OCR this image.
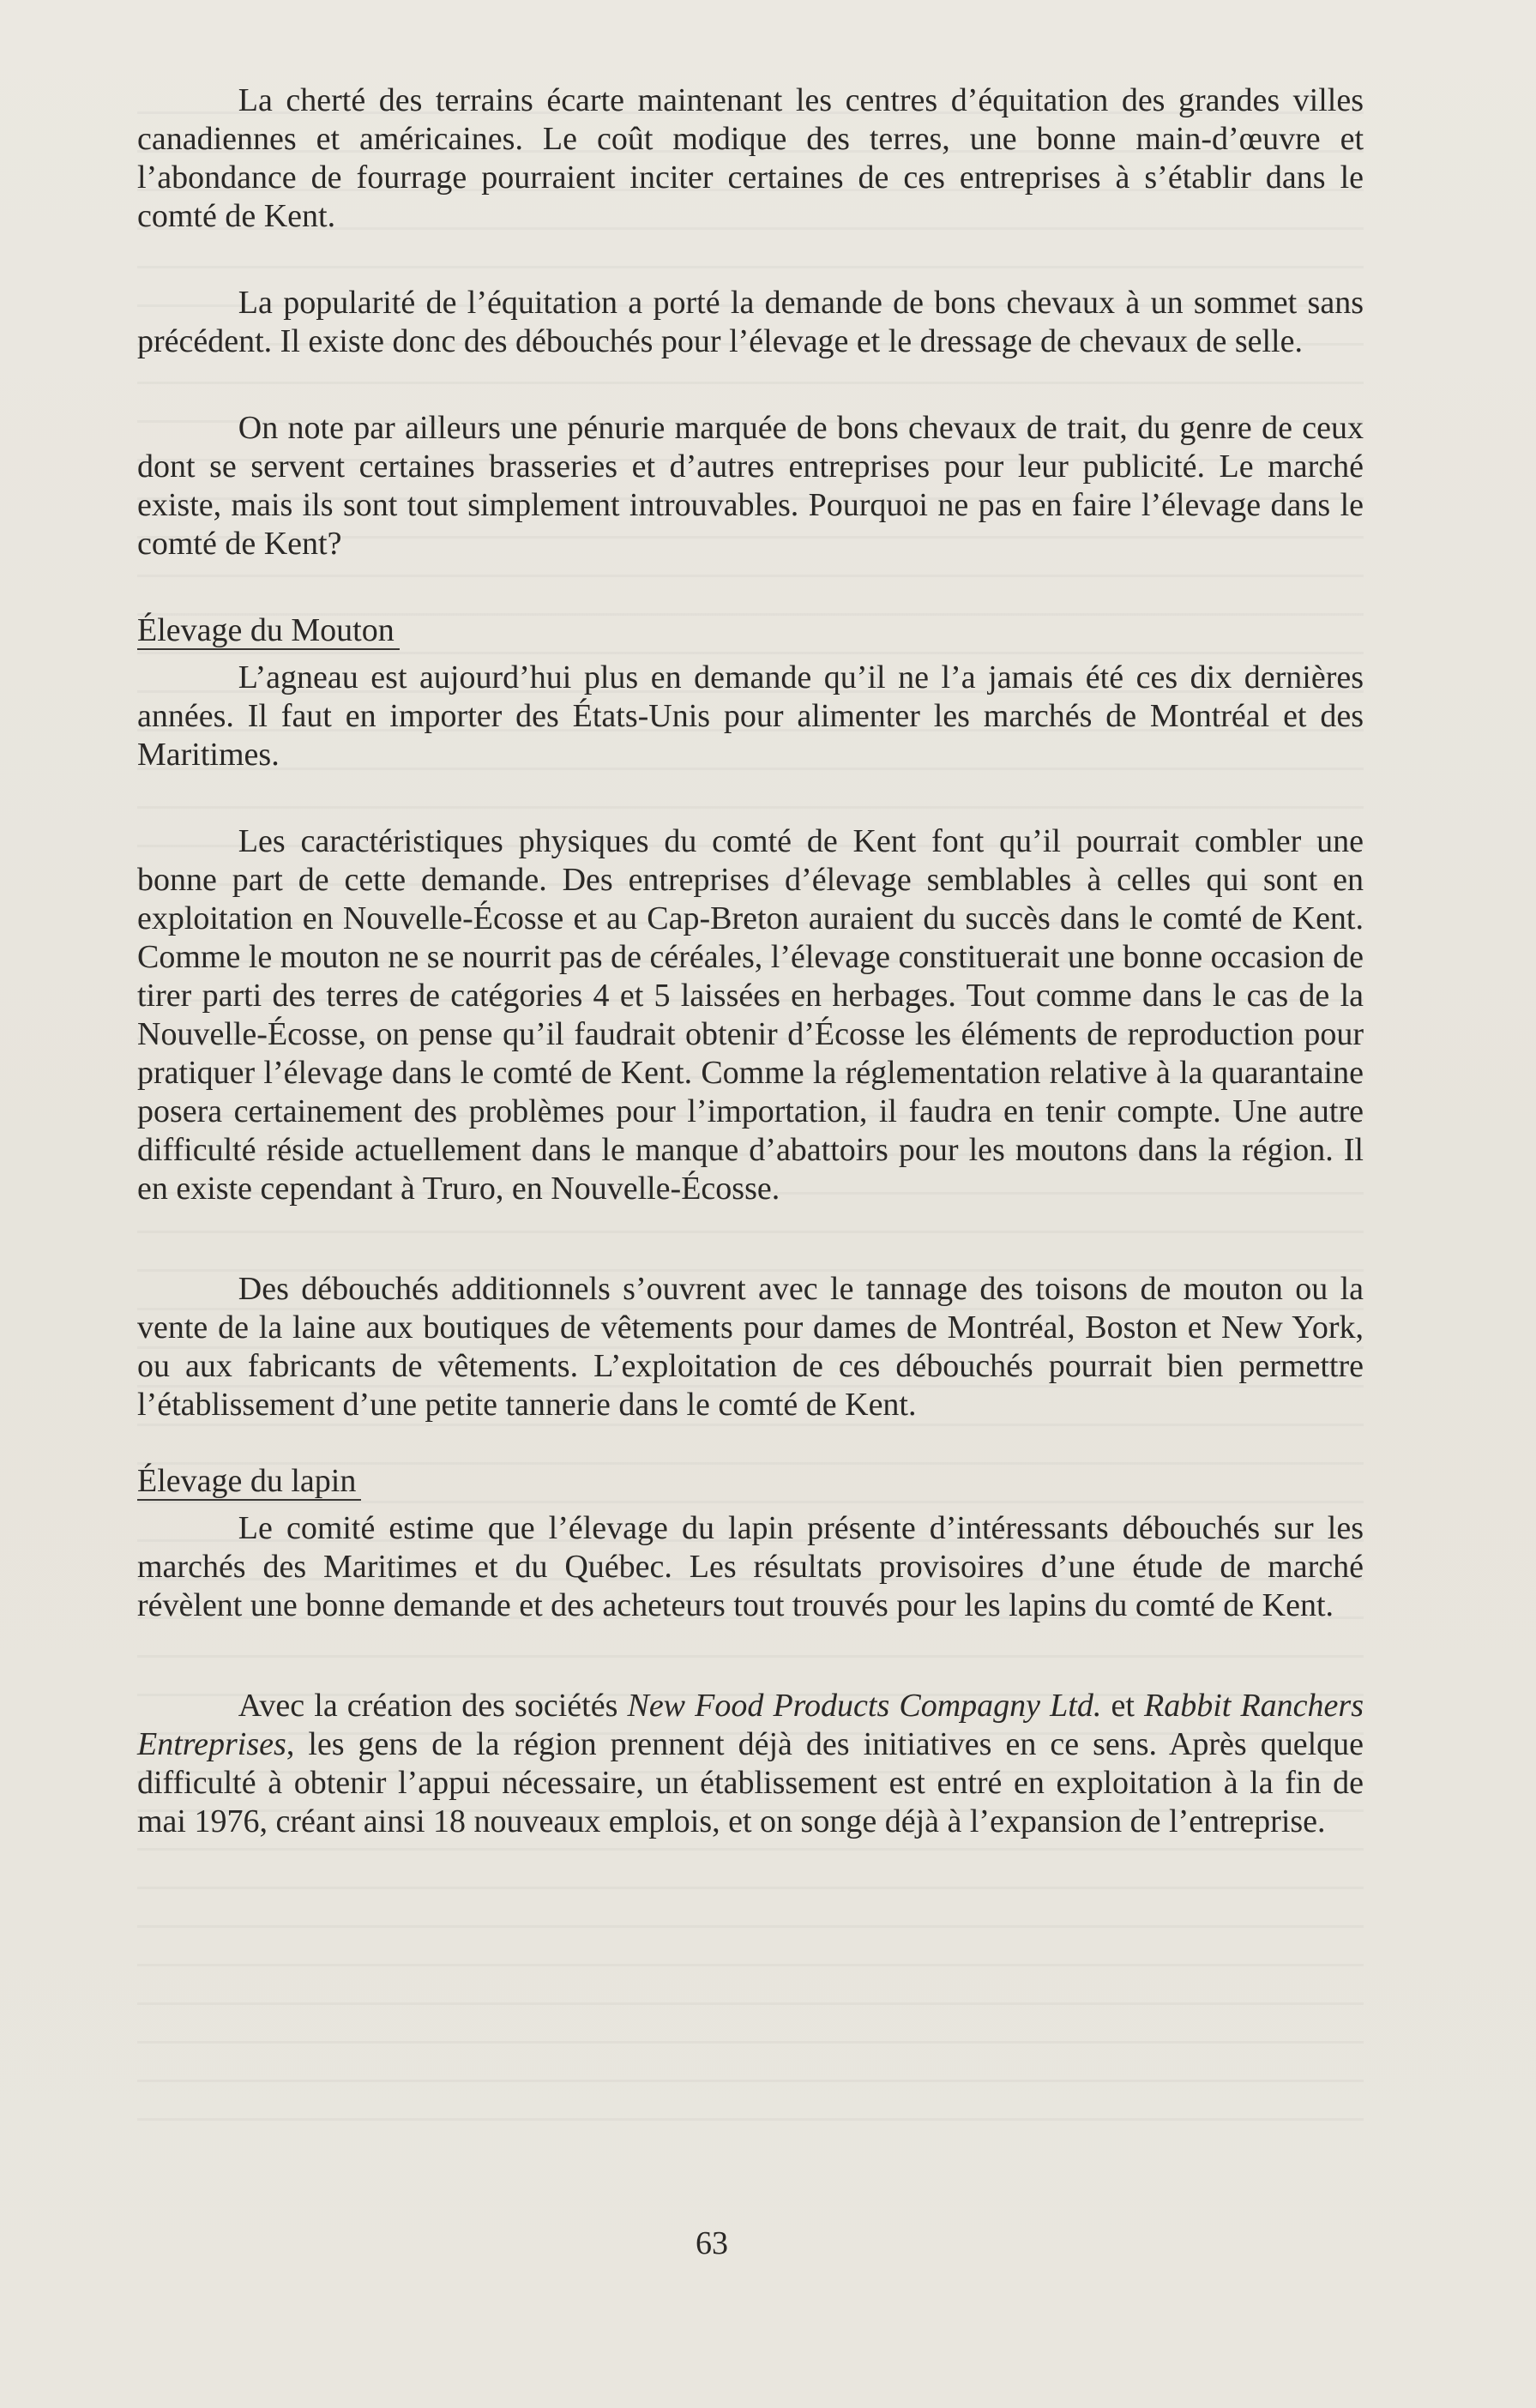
La cherté des terrains écarte maintenant les centres d’équitation des grandes villes canadiennes et américaines. Le coût modique des terres, une bonne main-d’œuvre et l’abondance de fourrage pourraient inciter certaines de ces entreprises à s’établir dans le comté de Kent.

La popularité de l’équitation a porté la demande de bons chevaux à un sommet sans précédent. Il existe donc des débouchés pour l’élevage et le dressage de chevaux de selle.

On note par ailleurs une pénurie marquée de bons chevaux de trait, du genre de ceux dont se servent certaines brasseries et d’autres entreprises pour leur publicité. Le marché existe, mais ils sont tout simplement introuvables. Pourquoi ne pas en faire l’élevage dans le comté de Kent?

Élevage du Mouton

L’agneau est aujourd’hui plus en demande qu’il ne l’a jamais été ces dix dernières années. Il faut en importer des États-Unis pour alimenter les marchés de Montréal et des Maritimes.

Les caractéristiques physiques du comté de Kent font qu’il pourrait combler une bonne part de cette demande. Des entreprises d’élevage semblables à celles qui sont en exploitation en Nouvelle-Écosse et au Cap-Breton auraient du succès dans le comté de Kent. Comme le mouton ne se nourrit pas de céréales, l’élevage constituerait une bonne occasion de tirer parti des terres de catégories 4 et 5 laissées en herbages. Tout comme dans le cas de la Nouvelle-Écosse, on pense qu’il faudrait obtenir d’Écosse les éléments de reproduction pour pratiquer l’élevage dans le comté de Kent. Comme la réglementation relative à la quarantaine posera certainement des problèmes pour l’importation, il faudra en tenir compte. Une autre difficulté réside actuellement dans le manque d’abattoirs pour les moutons dans la région. Il en existe cependant à Truro, en Nouvelle-Écosse.

Des débouchés additionnels s’ouvrent avec le tannage des toisons de mouton ou la vente de la laine aux boutiques de vêtements pour dames de Montréal, Boston et New York, ou aux fabricants de vêtements. L’exploitation de ces débouchés pourrait bien permettre l’établissement d’une petite tannerie dans le comté de Kent.

Élevage du lapin

Le comité estime que l’élevage du lapin présente d’intéressants débouchés sur les marchés des Maritimes et du Québec. Les résultats provisoires d’une étude de marché révèlent une bonne demande et des acheteurs tout trouvés pour les lapins du comté de Kent.

Avec la création des sociétés New Food Products Compagny Ltd. et Rabbit Ranchers Entreprises, les gens de la région prennent déjà des initiatives en ce sens. Après quelque difficulté à obtenir l’appui nécessaire, un établissement est entré en exploitation à la fin de mai 1976, créant ainsi 18 nouveaux emplois, et on songe déjà à l’expansion de l’entreprise.

63
